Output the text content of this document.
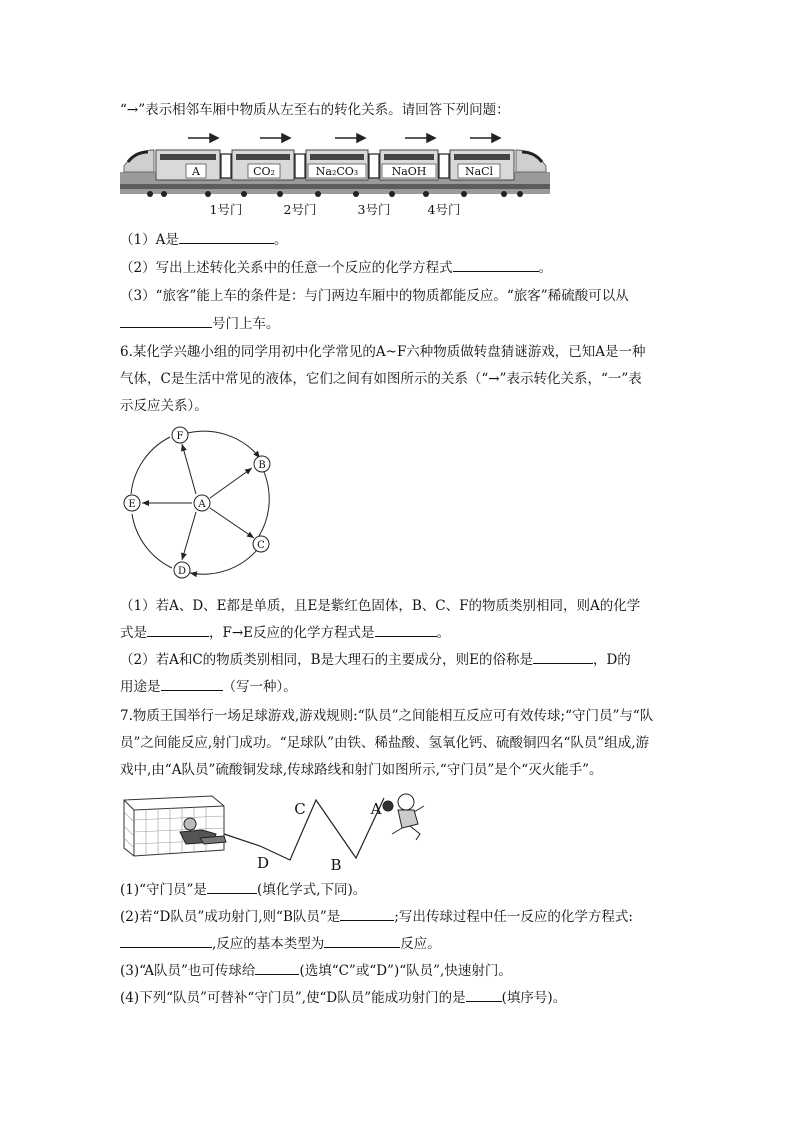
“→”表示相邻车厢中物质从左至右的转化关系。请回答下列问题：
A	CO₂	Na₂CO₃	NaOH	NaCl
1号门	2号门	3号门	4号门
（1）A是	。
（2）写出上述转化关系中的任意一个反应的化学方程式	。
（3）“旅客”能上车的条件是：与门两边车厢中的物质都能反应。“旅客”稀硫酸可以从
号门上车。
6.某化学兴趣小组的同学用初中化学常见的A~F六种物质做转盘猜谜游戏，已知A是一种
气体，C是生活中常见的液体，它们之间有如图所示的关系（“→”表示转化关系，“一”表
示反应关系）。
F
B
C
D
E	A
（1）若A、D、E都是单质，且E是紫红色固体，B、C、F的物质类别相同，则A的化学
式是	，F→E反应的化学方程式是	。
（2）若A和C的物质类别相同，B是大理石的主要成分，则E的俗称是	，D的
用途是	（写一种）。
7.物质王国举行一场足球游戏,游戏规则:“队员”之间能相互反应可有效传球;“守门员”与“队
员”之间能反应,射门成功。“足球队”由铁、稀盐酸、氢氧化钙、硫酸铜四名“队员”组成,游
戏中,由“A队员”硫酸铜发球,传球路线和射门如图所示,“守门员”是个“灭火能手”。
D
C
B
A
(1)“守门员”是	(填化学式,下同)。
(2)若“D队员”成功射门,则“B队员”是	;写出传球过程中任一反应的化学方程式:
,反应的基本类型为	反应。
(3)“A队员”也可传球给	(选填“C”或“D”)“队员”,快速射门。
(4)下列“队员”可替补“守门员”,使“D队员”能成功射门的是	(填序号)。
